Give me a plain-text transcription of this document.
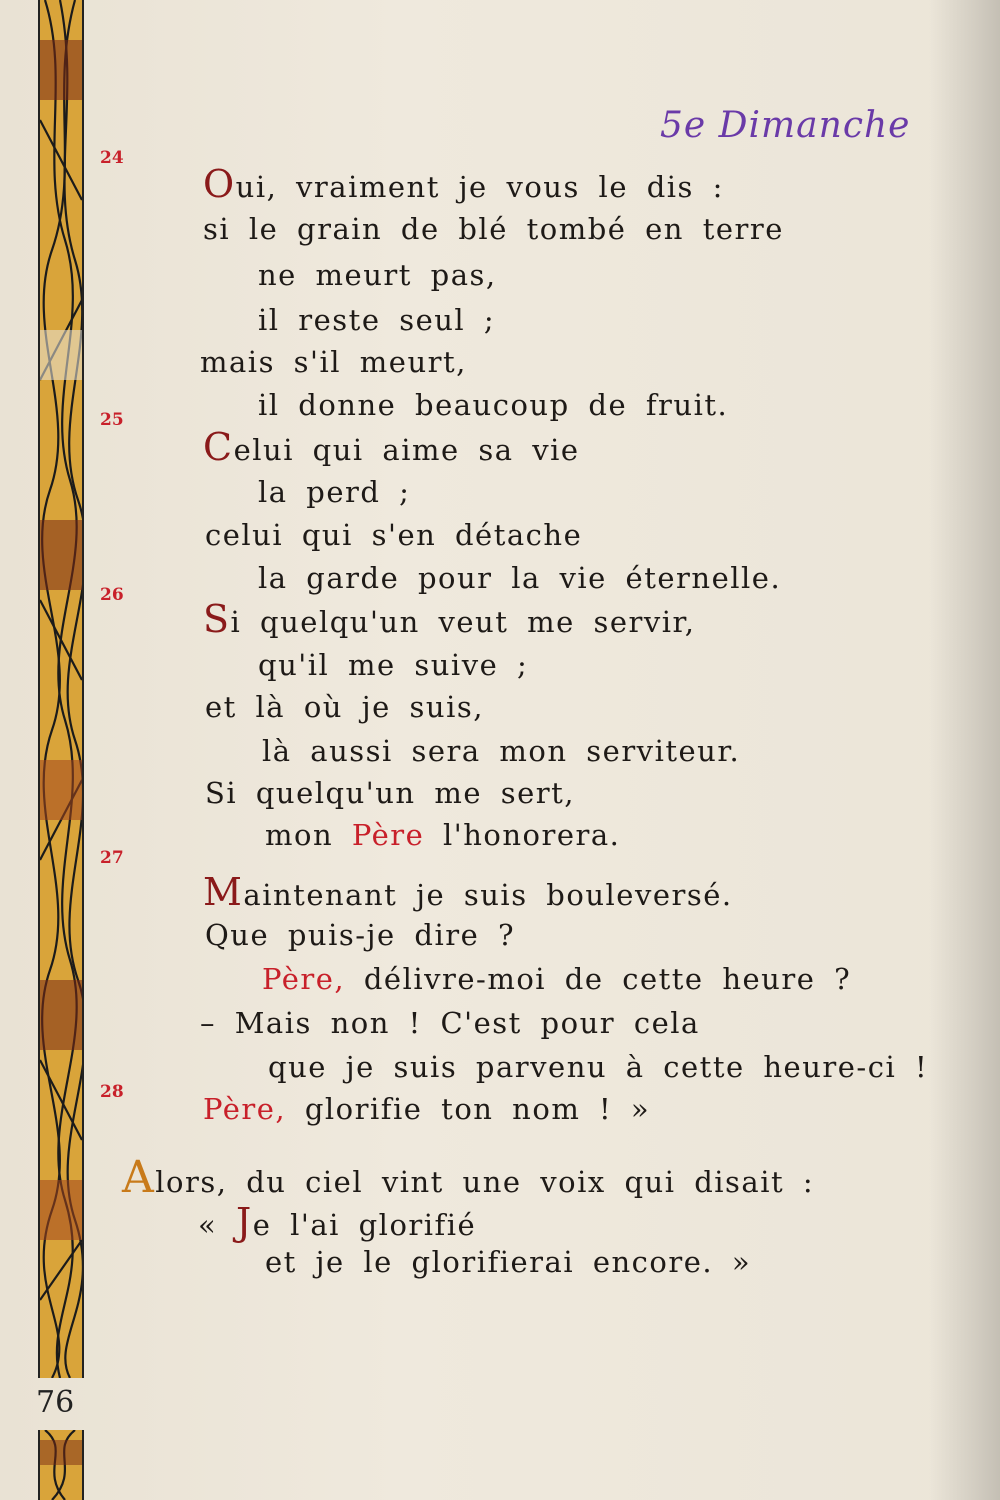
5e Dimanche
24
25
26
27
28
Oui, vraiment je vous le dis :
si le grain de blé tombé en terre
ne meurt pas,
il reste seul ;
mais s'il meurt,
il donne beaucoup de fruit.
Celui qui aime sa vie
la perd ;
celui qui s'en détache
la garde pour la vie éternelle.
Si quelqu'un veut me servir,
qu'il me suive ;
et là où je suis,
là aussi sera mon serviteur.
Si quelqu'un me sert,
mon Père l'honorera.
Maintenant je suis bouleversé.
Que puis-je dire ?
Père, délivre-moi de cette heure ?
– Mais non ! C'est pour cela
que je suis parvenu à cette heure-ci !
Père, glorifie ton nom ! »
Alors, du ciel vint une voix qui disait :
« Je l'ai glorifié
et je le glorifierai encore. »
76
